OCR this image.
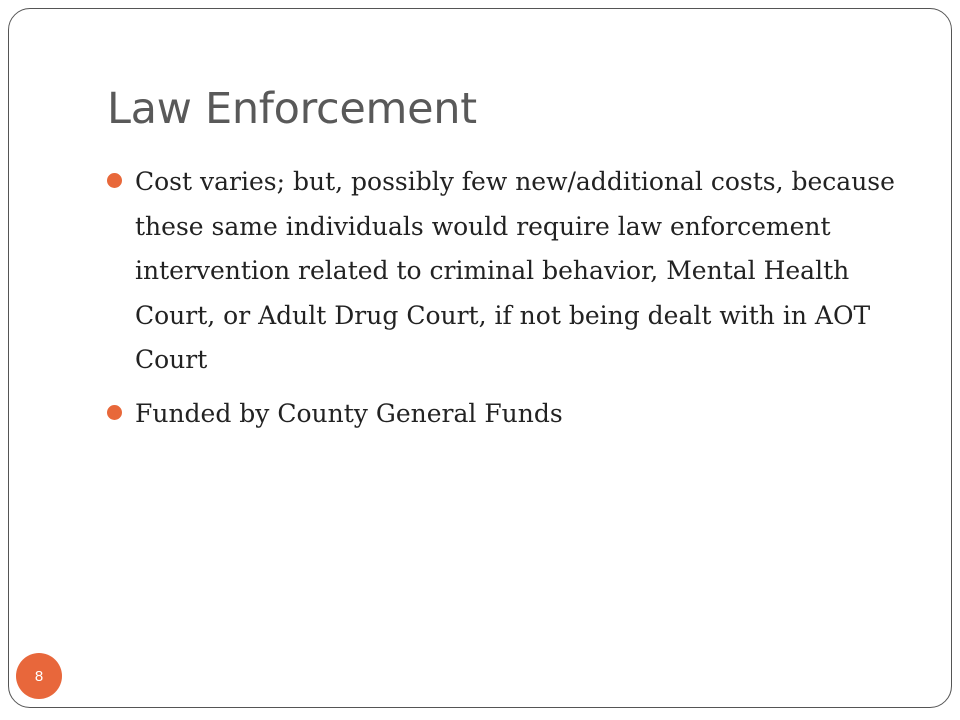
Law Enforcement
Cost varies; but, possibly few new/additional costs, because these same individuals would require law enforcement intervention related to criminal behavior, Mental Health Court, or Adult Drug Court, if not being dealt with in AOT Court
Funded by County General Funds
8
